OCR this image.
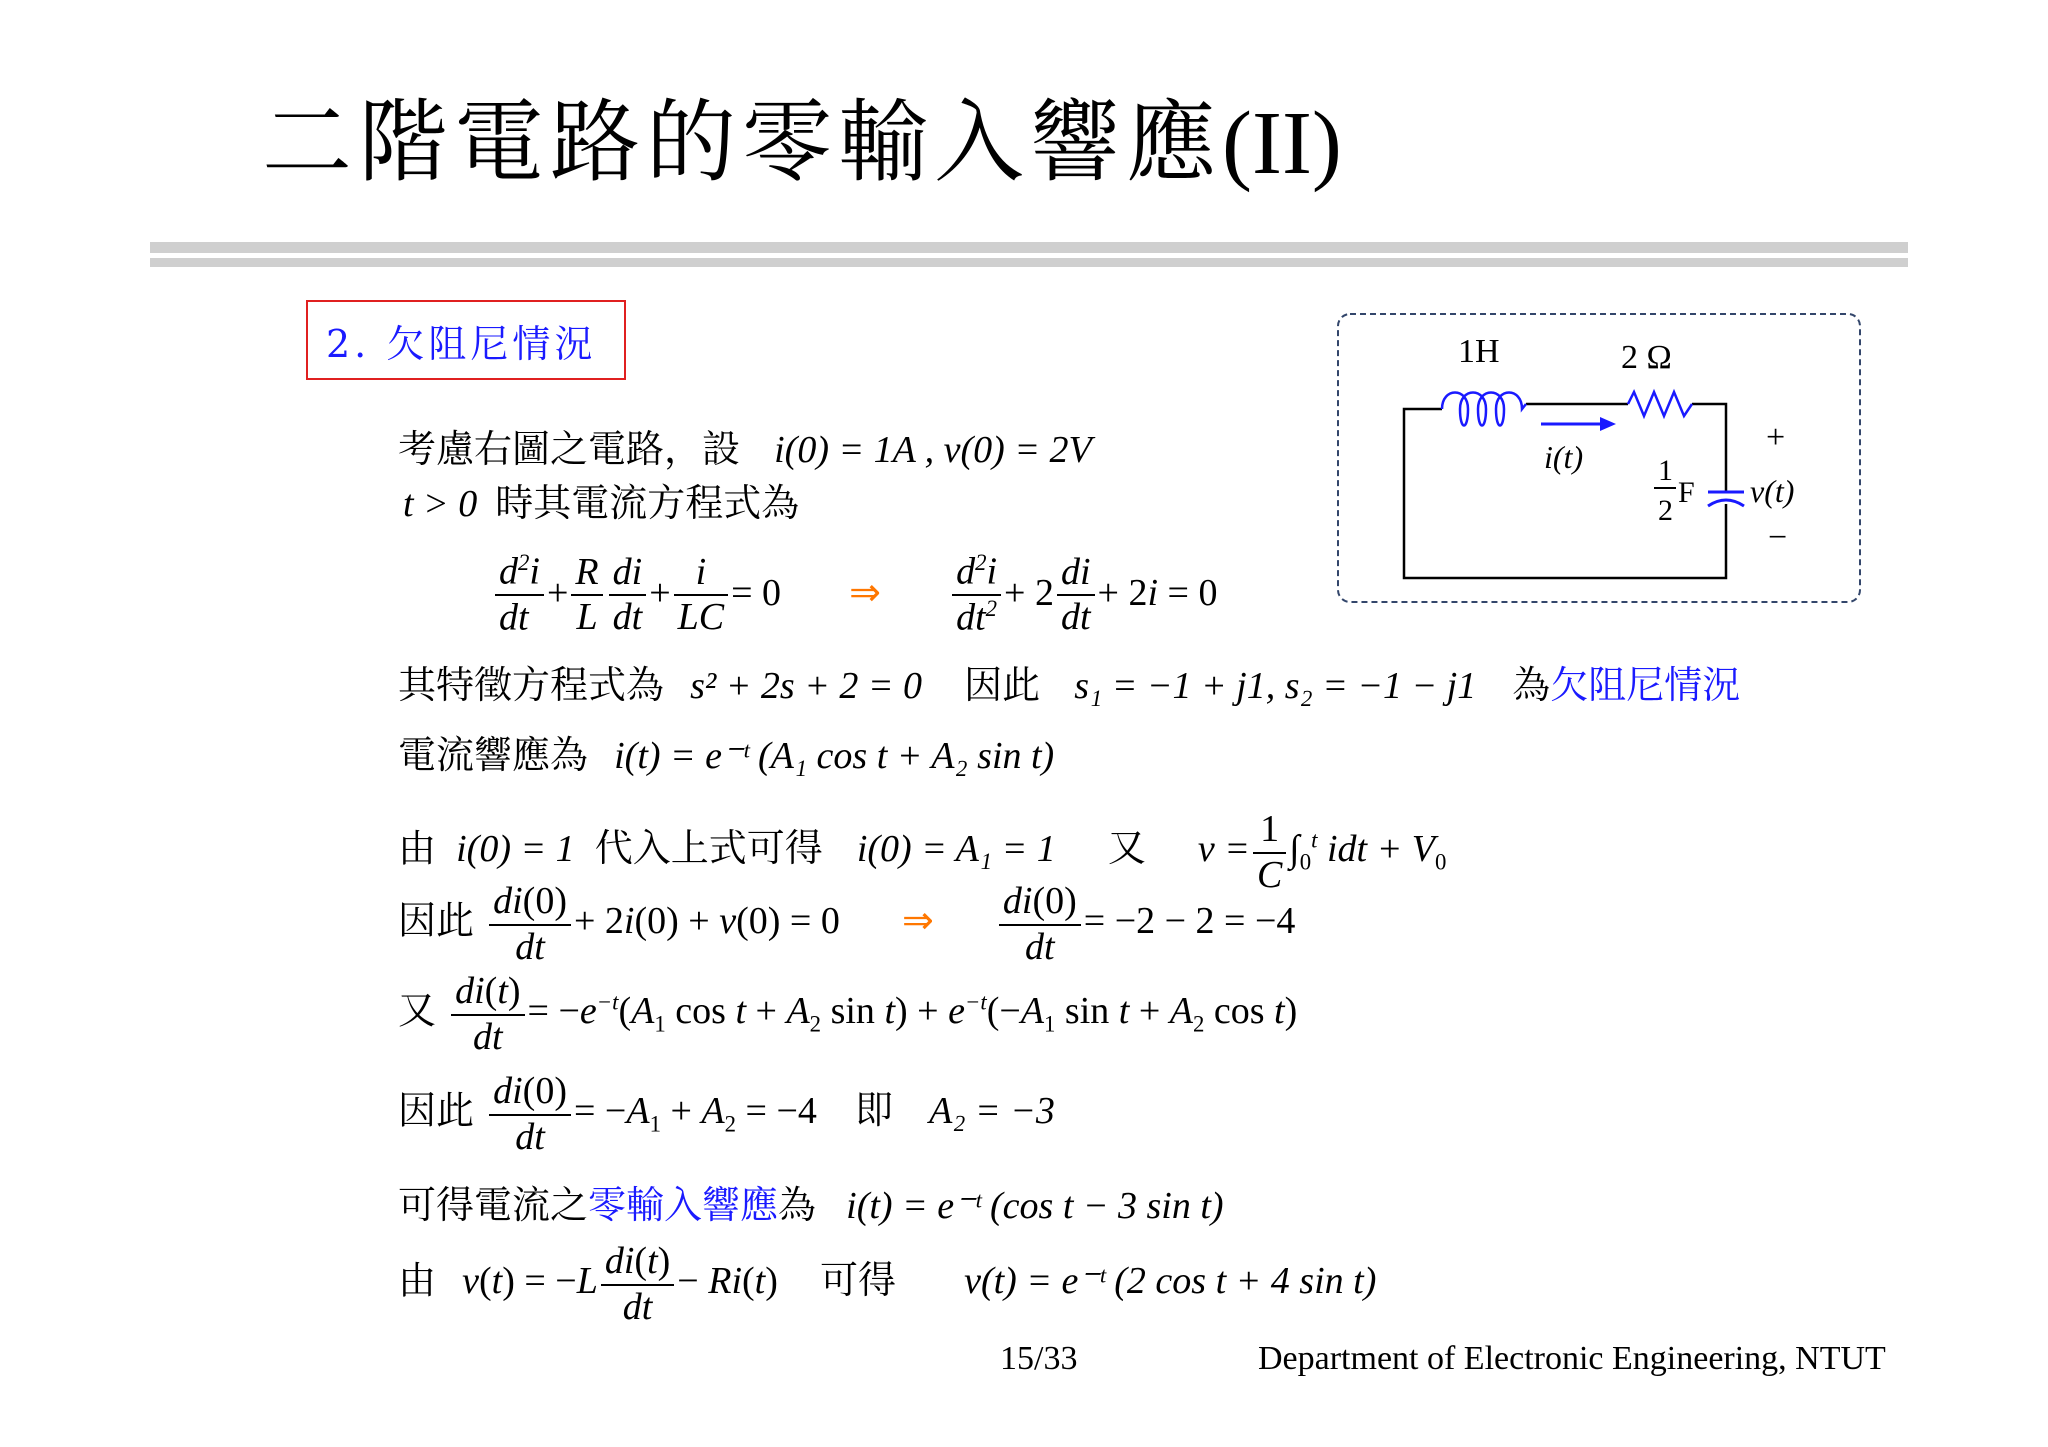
二階電路的零輸入響應(II)
2. 欠阻尼情況	1H	2 Ω
i(t) 1
2
F
+
v(t)
−
考慮右圖之電路，設 i(0) = 1A , v(0) = 2V
t > 0 時其電流方程式為
$\frac{d^2i}{dt} + \frac{R}{L} \frac{di}{dt} + \frac{i}{LC} = 0$ ⇒ $\frac{d^2i}{dt^2} + 2 \frac{di}{dt} + 2i = 0$
其特徵方程式為 s² + 2s + 2 = 0 因此 s₁ = −1 + j1, s₂ = −1 − j1 為欠阻尼情況
電流響應為 i(t) = e⁻ᵗ (A₁ cos t + A₂ sin t)
由 i(0) = 1 代入上式可得 i(0) = A₁ = 1 又 $v = \frac{1}{C} \int_0^t$ idt + $V_0$
因此 $\frac{di(0)}{dt} + 2i(0) + v(0) = 0$ ⇒ $\frac{di(0)}{dt} = -2 - 2 = -4$
又 $\frac{di(t)}{dt} = -e^{-t}(A_1$ $\cos t + A_2$ $\sin t) + e^{-t}(-A_1$ $\sin t + A_2$ cos t)
因此 $\frac{di(0)}{dt} = -A_1 + A_2 = -4$ 即 A₂ = −3
可得電流之零輸入響應為 i(t) = e⁻ᵗ (cos t − 3 sin t)
由 $v(t) = -L \frac{di(t)}{dt} - Ri(t)$ 可得 v(t) = e⁻ᵗ (2 cos t + 4 sin t)
15/33	Department of Electronic Engineering, NTUT
